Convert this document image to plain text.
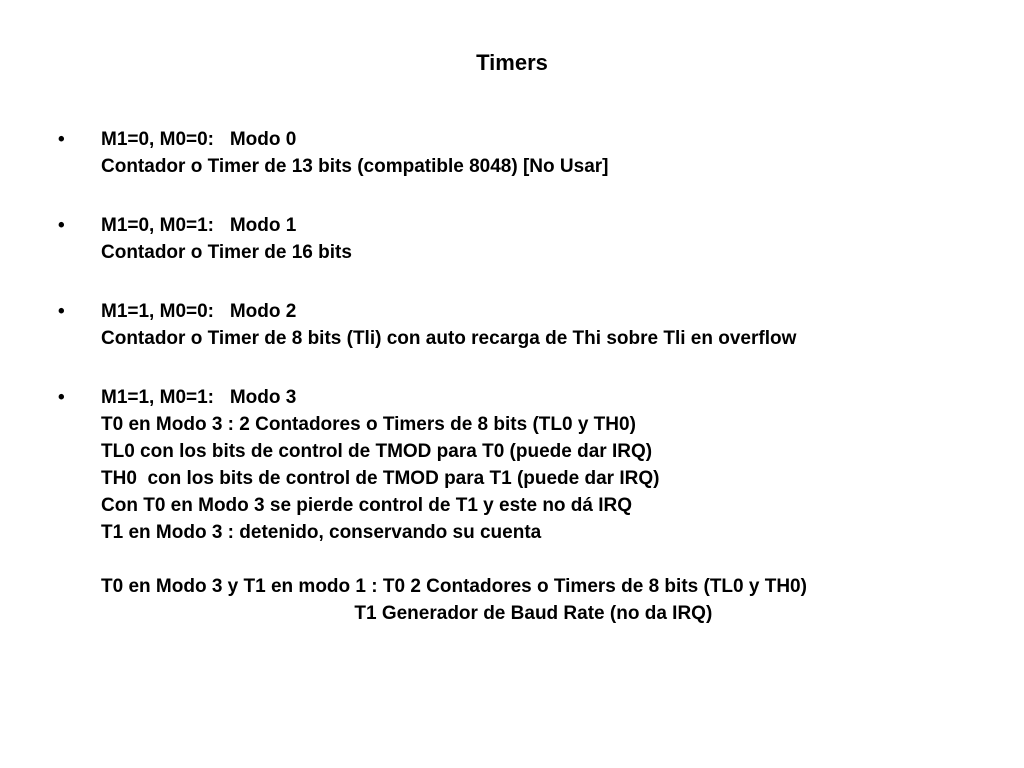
Timers
• M1=0, M0=0:   Modo 0
Contador o Timer de 13 bits (compatible 8048) [No Usar]
• M1=0, M0=1:   Modo 1
Contador o Timer de 16 bits
• M1=1, M0=0:   Modo 2
Contador o Timer de 8 bits (Tli) con auto recarga de Thi sobre Tli en overflow
• M1=1, M0=1:   Modo 3
T0 en Modo 3 : 2 Contadores o Timers de 8 bits (TL0 y TH0)
TL0 con los bits de control de TMOD para T0 (puede dar IRQ)
TH0  con los bits de control de TMOD para T1 (puede dar IRQ)
Con T0 en Modo 3 se pierde control de T1 y este no dá IRQ
T1 en Modo 3 : detenido, conservando su cuenta
T0 en Modo 3 y T1 en modo 1 : T0 2 Contadores o Timers de 8 bits (TL0 y TH0)
T1 Generador de Baud Rate (no da IRQ)
